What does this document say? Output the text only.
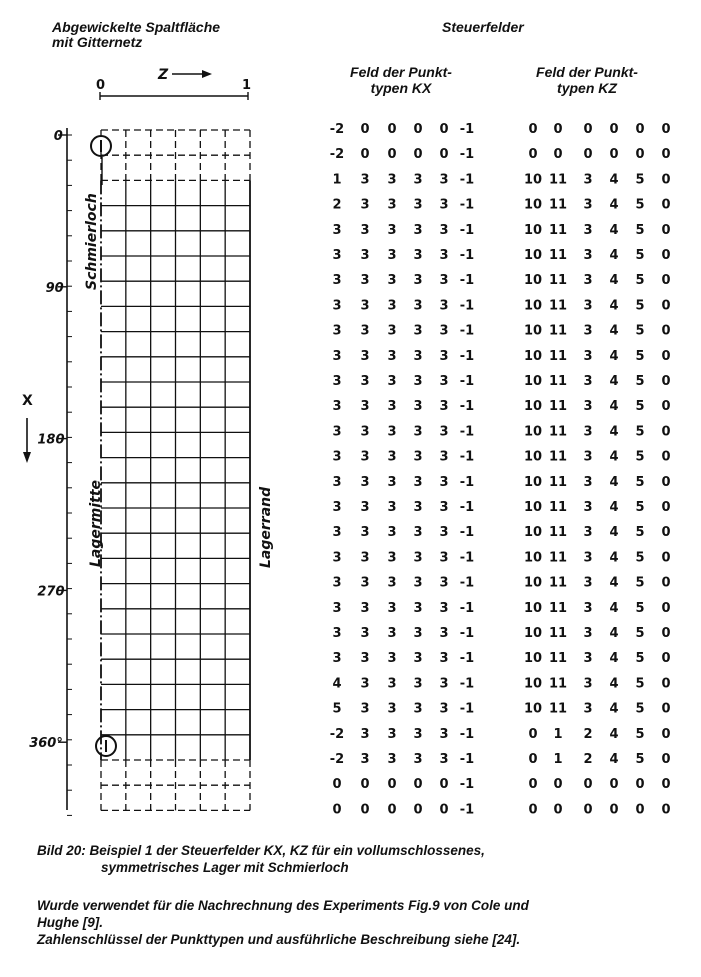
Abgewickelte Spaltfläche
mit Gitternetz
Steuerfelder
Feld der Punkt-
typen KX
Feld der Punkt-
typen KZ
0	1
Z
0
90
180
270
360°
X
Schmierloch
Lagermitte	Lagerrand
-2 0 0 0 0 -1
-2 0 0 0 0 -1
1 3 3 3 3 -1
2 3 3 3 3 -1
3 3 3 3 3 -1
3 3 3 3 3 -1
3 3 3 3 3 -1
3 3 3 3 3 -1
3 3 3 3 3 -1
3 3 3 3 3 -1
3 3 3 3 3 -1
3 3 3 3 3 -1
3 3 3 3 3 -1
3 3 3 3 3 -1
3 3 3 3 3 -1
3 3 3 3 3 -1
3 3 3 3 3 -1
3 3 3 3 3 -1
3 3 3 3 3 -1
3 3 3 3 3 -1
3 3 3 3 3 -1
3 3 3 3 3 -1
4 3 3 3 3 -1
5 3 3 3 3 -1
-2 3 3 3 3 -1
-2 3 3 3 3 -1
0 0 0 0 0 -1
0 0 0 0 0 -1
0 0 0 0 0 0
0 0 0 0 0 0
10 11 3 4 5 0
10 11 3 4 5 0
10 11 3 4 5 0
10 11 3 4 5 0
10 11 3 4 5 0
10 11 3 4 5 0
10 11 3 4 5 0
10 11 3 4 5 0
10 11 3 4 5 0
10 11 3 4 5 0
10 11 3 4 5 0
10 11 3 4 5 0
10 11 3 4 5 0
10 11 3 4 5 0
10 11 3 4 5 0
10 11 3 4 5 0
10 11 3 4 5 0
10 11 3 4 5 0
10 11 3 4 5 0
10 11 3 4 5 0
10 11 3 4 5 0
10 11 3 4 5 0
0 1 2 4 5 0
0 1 2 4 5 0
0 0 0 0 0 0
0 0 0 0 0 0
Bild 20: Beispiel 1 der Steuerfelder KX, KZ für ein vollumschlossenes,
symmetrisches Lager mit Schmierloch
Wurde verwendet für die Nachrechnung des Experiments Fig.9 von Cole und
Hughe [9].
Zahlenschlüssel der Punkttypen und ausführliche Beschreibung siehe [24].
